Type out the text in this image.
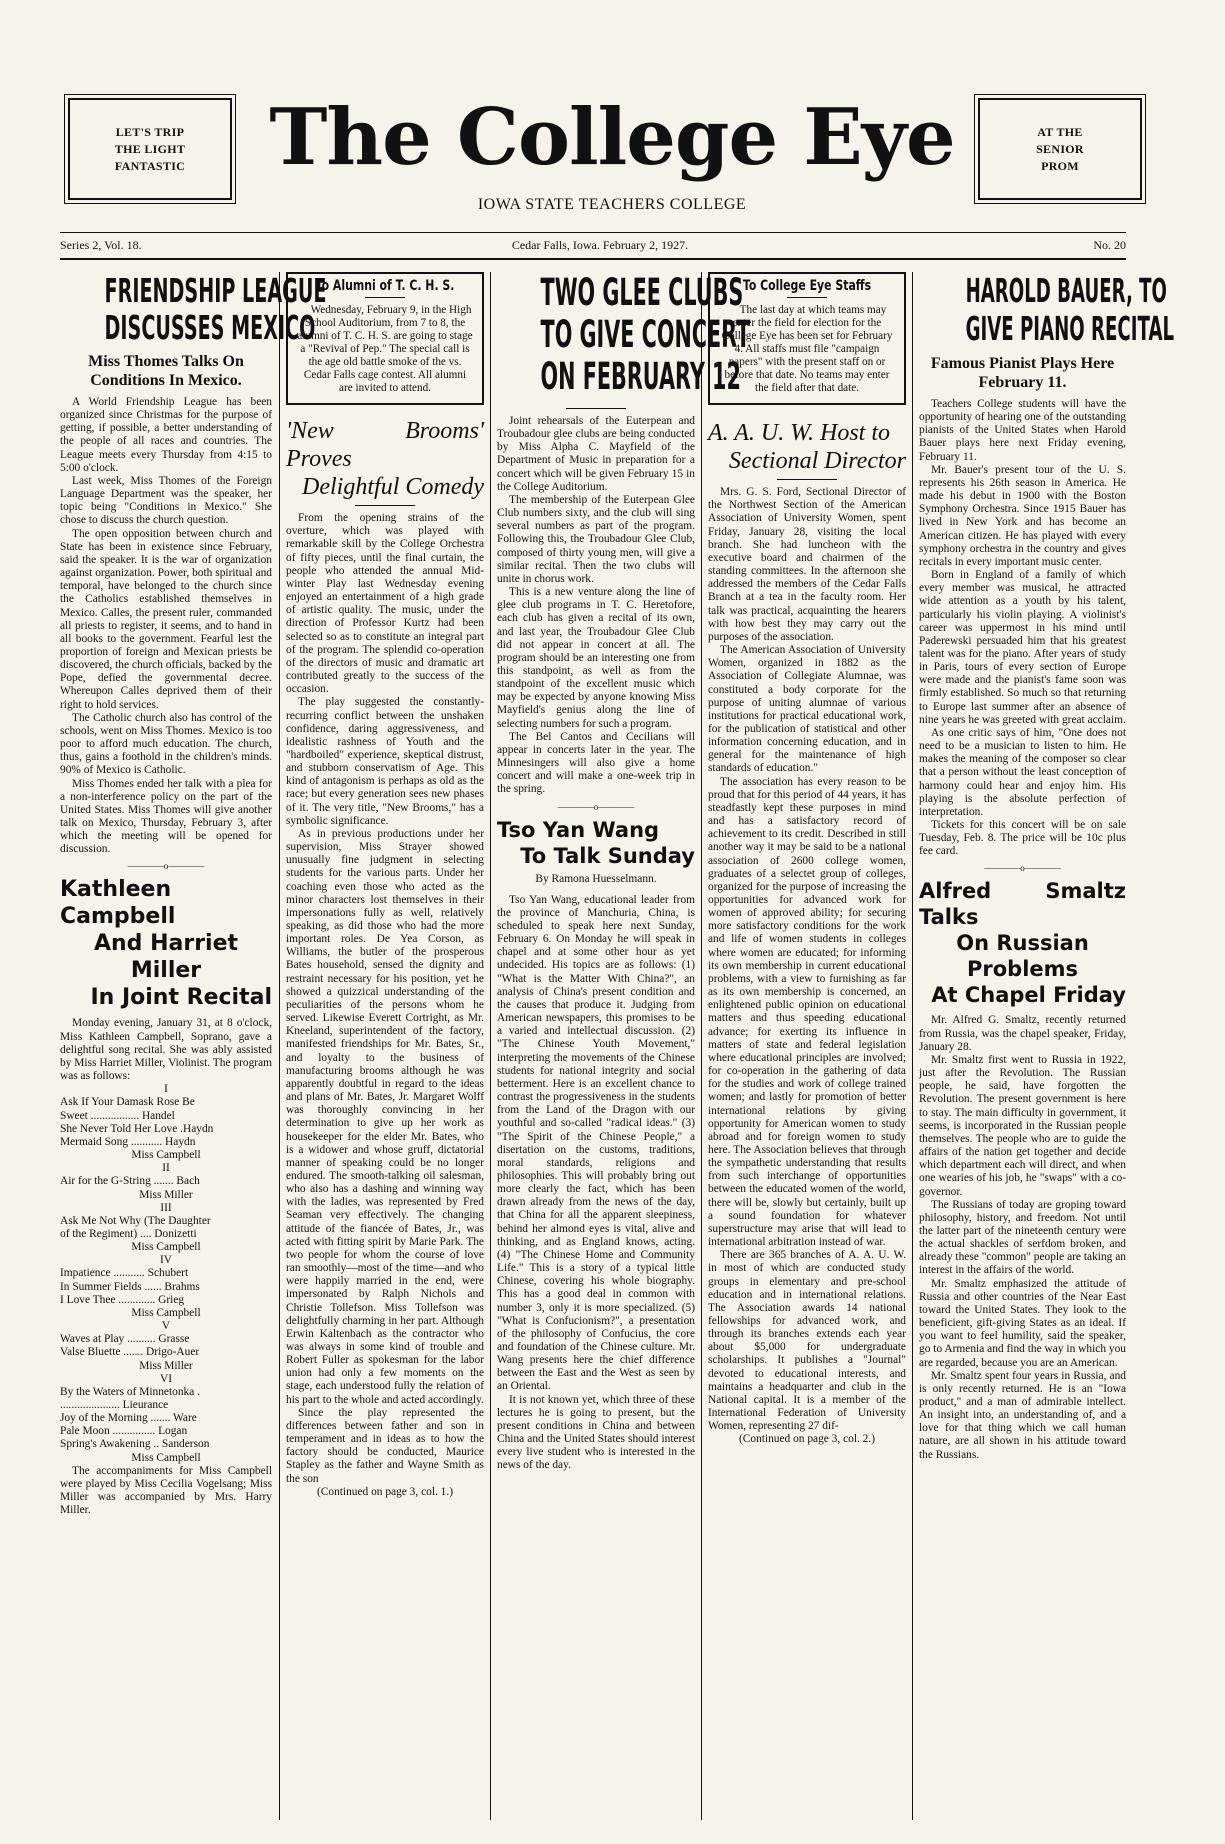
LET'S TRIP
THE LIGHT
FANTASTIC	The College Eye	AT THE
SENIOR
PROM
IOWA STATE TEACHERS COLLEGE
Series 2, Vol. 18.	Cedar Falls, Iowa. February 2, 1927.	No. 20
FRIENDSHIP LEAGUE
DISCUSSES MEXICO
Miss Thomes Talks On Conditions In Mexico.

A World Friendship League has been organized since Christmas for the purpose of getting, if possible, a better understanding of the people of all races and countries. The League meets every Thursday from 4:15 to 5:00 o'clock.

Last week, Miss Thomes of the Foreign Language Department was the speaker, her topic being "Conditions in Mexico." She chose to discuss the church question.

The open opposition between church and State has been in existence since February, said the speaker. It is the war of organization against organization. Power, both spiritual and temporal, have belonged to the church since the Catholics established themselves in Mexico. Calles, the present ruler, commanded all priests to register, it seems, and to hand in all books to the government. Fearful lest the proportion of foreign and Mexican priests be discovered, the church officials, backed by the Pope, defied the governmental decree. Whereupon Calles deprived them of their right to hold services.

The Catholic church also has control of the schools, went on Miss Thomes. Mexico is too poor to afford much education. The church, thus, gains a foothold in the children's minds. 90% of Mexico is Catholic.

Miss Thomes ended her talk with a plea for a non-interference policy on the part of the United States. Miss Thomes will give another talk on Mexico, Thursday, February 3, after which the meeting will be opened for discussion.

————o————
Kathleen Campbell
And Harriet Miller
In Joint Recital

Monday evening, January 31, at 8 o'clock, Miss Kathleen Campbell, Soprano, gave a delightful song recital. She was ably assisted by Miss Harriet Miller, Violinist. The program was as follows:

I
Ask If Your Damask Rose Be
Sweet ................. Handel
She Never Told Her Love .Haydn
Mermaid Song ........... Haydn
Miss Campbell
II
Air for the G-String ....... Bach
Miss Miller
III
Ask Me Not Why (The Daughter
of the Regiment) .... Donizetti
Miss Campbell
IV
Impatience ........... Schubert
In Summer Fields ...... Brahms
I Love Thee ............. Grieg
Miss Campbell
V
Waves at Play .......... Grasse
Valse Bluette ....... Drigo-Auer
Miss Miller
VI
By the Waters of Minnetonka .
..................... Lieurance
Joy of the Morning ....... Ware
Pale Moon ............... Logan
Spring's Awakening .. Sanderson
Miss Campbell

The accompaniments for Miss Campbell were played by Miss Cecilia Vogelsang; Miss Miller was accompanied by Mrs. Harry Miller.

To Alumni of T. C. H. S.

Wednesday, February 9, in the High School Auditorium, from 7 to 8, the alumni of T. C. H. S. are going to stage a "Revival of Pep." The special call is the age old battle smoke of the vs. Cedar Falls cage contest. All alumni are invited to attend.

'New Brooms' Proves
Delightful Comedy

From the opening strains of the overture, which was played with remarkable skill by the College Orchestra of fifty pieces, until the final curtain, the people who attended the annual Mid-winter Play last Wednesday evening enjoyed an entertainment of a high grade of artistic quality. The music, under the direction of Professor Kurtz had been selected so as to constitute an integral part of the program. The splendid co-operation of the directors of music and dramatic art contributed greatly to the success of the occasion.

The play suggested the constantly-recurring conflict between the unshaken confidence, daring aggressiveness, and idealistic rashness of Youth and the "hardboiled" experience, skeptical distrust, and stubborn conservatism of Age. This kind of antagonism is perhaps as old as the race; but every generation sees new phases of it. The very title, "New Brooms," has a symbolic significance.

As in previous productions under her supervision, Miss Strayer showed unusually fine judgment in selecting students for the various parts. Under her coaching even those who acted as the minor characters lost themselves in their impersonations fully as well, relatively speaking, as did those who had the more important roles. De Yea Corson, as Williams, the butler of the prosperous Bates household, sensed the dignity and restraint necessary for his position, yet he showed a quizzical understanding of the peculiarities of the persons whom he served. Likewise Everett Cortright, as Mr. Kneeland, superintendent of the factory, manifested friendships for Mr. Bates, Sr., and loyalty to the business of manufacturing brooms although he was apparently doubtful in regard to the ideas and plans of Mr. Bates, Jr. Margaret Wolff was thoroughly convincing in her determination to give up her work as housekeeper for the elder Mr. Bates, who is a widower and whose gruff, dictatorial manner of speaking could be no longer endured. The smooth-talking oil salesman, who also has a dashing and winning way with the ladies, was represented by Fred Seaman very effectively. The changing attitude of the fiancée of Bates, Jr., was acted with fitting spirit by Marie Park. The two people for whom the course of love ran smoothly—most of the time—and who were happily married in the end, were impersonated by Ralph Nichols and Christie Tollefson. Miss Tollefson was delightfully charming in her part. Although Erwin Kaltenbach as the contractor who was always in some kind of trouble and Robert Fuller as spokesman for the labor union had only a few moments on the stage, each understood fully the relation of his part to the whole and acted accordingly.

Since the play represented the differences between father and son in temperament and in ideas as to how the factory should be conducted, Maurice Stapley as the father and Wayne Smith as the son

(Continued on page 3, col. 1.)
TWO GLEE CLUBS
TO GIVE CONCERT
ON FEBRUARY 12

Joint rehearsals of the Euterpean and Troubadour glee clubs are being conducted by Miss Alpha C. Mayfield of the Department of Music in preparation for a concert which will be given February 15 in the College Auditorium.

The membership of the Euterpean Glee Club numbers sixty, and the club will sing several numbers as part of the program. Following this, the Troubadour Glee Club, composed of thirty young men, will give a similar recital. Then the two clubs will unite in chorus work.

This is a new venture along the line of glee club programs in T. C. Heretofore, each club has given a recital of its own, and last year, the Troubadour Glee Club did not appear in concert at all. The program should be an interesting one from this standpoint, as well as from the standpoint of the excellent music which may be expected by anyone knowing Miss Mayfield's genius along the line of selecting numbers for such a program.

The Bel Cantos and Cecilians will appear in concerts later in the year. The Minnesingers will also give a home concert and will make a one-week trip in the spring.

————o————
Tso Yan Wang
To Talk Sunday
By Ramona Huesselmann.

Tso Yan Wang, educational leader from the province of Manchuria, China, is scheduled to speak here next Sunday, February 6. On Monday he will speak in chapel and at some other hour as yet undecided. His topics are as follows: (1) "What is the Matter With China?", an analysis of China's present condition and the causes that produce it. Judging from American newspapers, this promises to be a varied and intellectual discussion. (2) "The Chinese Youth Movement," interpreting the movements of the Chinese students for national integrity and social betterment. Here is an excellent chance to contrast the progressiveness in the students from the Land of the Dragon with our youthful and so-called "radical ideas." (3) "The Spirit of the Chinese People," a disertation on the customs, traditions, moral standards, religions and philosophies. This will probably bring out more clearly the fact, which has been drawn already from the news of the day, that China for all the apparent sleepiness, behind her almond eyes is vital, alive and thinking, and as England knows, acting. (4) "The Chinese Home and Community Life." This is a story of a typical little Chinese, covering his whole biography. This has a good deal in common with number 3, only it is more specialized. (5) "What is Confucionism?", a presentation of the philosophy of Confucius, the core and foundation of the Chinese culture. Mr. Wang presents here the chief difference between the East and the West as seen by an Oriental.

It is not known yet, which three of these lectures he is going to present, but the present conditions in China and between China and the United States should interest every live student who is interested in the news of the day.

To College Eye Staffs

The last day at which teams may enter the field for election for the College Eye has been set for February 4. All staffs must file "campaign papers" with the present staff on or before that date. No teams may enter the field after that date.

A. A. U. W. Host to
Sectional Director

Mrs. G. S. Ford, Sectional Director of the Northwest Section of the American Association of University Women, spent Friday, January 28, visiting the local branch. She had luncheon with the executive board and chairmen of the standing committees. In the afternoon she addressed the members of the Cedar Falls Branch at a tea in the faculty room. Her talk was practical, acquainting the hearers with how best they may carry out the purposes of the association.

The American Association of University Women, organized in 1882 as the Association of Collegiate Alumnae, was constituted a body corporate for the purpose of uniting alumnae of various institutions for practical educational work, for the publication of statistical and other information concerning education, and in general for the maintenance of high standards of education."

The association has every reason to be proud that for this period of 44 years, it has steadfastly kept these purposes in mind and has a satisfactory record of achievement to its credit. Described in still another way it may be said to be a national association of 2600 college women, graduates of a selectet group of colleges, organized for the purpose of increasing the opportunities for advanced work for women of approved ability; for securing more satisfactory conditions for the work and life of women students in colleges where women are educated; for informing its own membership in current educational problems, with a view to furnishing as far as its own membership is concerned, an enlightened public opinion on educational matters and thus speeding educational advance; for exerting its influence in matters of state and federal legislation where educational principles are involved; for co-operation in the gathering of data for the studies and work of college trained women; and lastly for promotion of better international relations by giving opportunity for American women to study abroad and for foreign women to study here. The Association believes that through the sympathetic understanding that results from such interchange of opportunities between the educated women of the world, there will be, slowly but certainly, built up a sound foundation for whatever superstructure may arise that will lead to international arbitration instead of war.

There are 365 branches of A. A. U. W. in most of which are conducted study groups in elementary and pre-school education and in international relations. The Association awards 14 national fellowships for advanced work, and through its branches extends each year about $5,000 for undergraduate scholarships. It publishes a "Journal" devoted to educational interests, and maintains a headquarter and club in the National capital. It is a member of the International Federation of University Women, representing 27 dif-

(Continued on page 3, col. 2.)
HAROLD BAUER, TO
GIVE PIANO RECITAL
Famous Pianist Plays Here February 11.

Teachers College students will have the opportunity of hearing one of the outstanding pianists of the United States when Harold Bauer plays here next Friday evening, February 11.

Mr. Bauer's present tour of the U. S. represents his 26th season in America. He made his debut in 1900 with the Boston Symphony Orchestra. Since 1915 Bauer has lived in New York and has become an American citizen. He has played with every symphony orchestra in the country and gives recitals in every important music center.

Born in England of a family of which every member was musical, he attracted wide attention as a youth by his talent, particularly his violin playing. A violinist's career was uppermost in his mind until Paderewski persuaded him that his greatest talent was for the piano. After years of study in Paris, tours of every section of Europe were made and the pianist's fame soon was firmly established. So much so that returning to Europe last summer after an absence of nine years he was greeted with great acclaim.

As one critic says of him, "One does not need to be a musician to listen to him. He makes the meaning of the composer so clear that a person without the least conception of harmony could hear and enjoy him. His playing is the absolute perfection of interpretation.

Tickets for this concert will be on sale Tuesday, Feb. 8. The price will be 10c plus fee card.

————o————
Alfred Smaltz Talks
On Russian Problems
At Chapel Friday

Mr. Alfred G. Smaltz, recently returned from Russia, was the chapel speaker, Friday, January 28.

Mr. Smaltz first went to Russia in 1922, just after the Revolution. The Russian people, he said, have forgotten the Revolution. The present government is here to stay. The main difficulty in government, it seems, is incorporated in the Russian people themselves. The people who are to guide the affairs of the nation get together and decide which department each will direct, and when one wearies of his job, he "swaps" with a co-governor.

The Russians of today are groping toward philosophy, history, and freedom. Not until the latter part of the nineteenth century were the actual shackles of serfdom broken, and already these "common" people are taking an interest in the affairs of the world.

Mr. Smaltz emphasized the attitude of Russia and other countries of the Near East toward the United States. They look to the beneficient, gift-giving States as an ideal. If you want to feel humility, said the speaker, go to Armenia and find the way in which you are regarded, because you are an American.

Mr. Smaltz spent four years in Russia, and is only recently returned. He is an "Iowa product," and a man of admirable intellect. An insight into, an understanding of, and a love for that thing which we call human nature, are all shown in his attitude toward the Russians.
